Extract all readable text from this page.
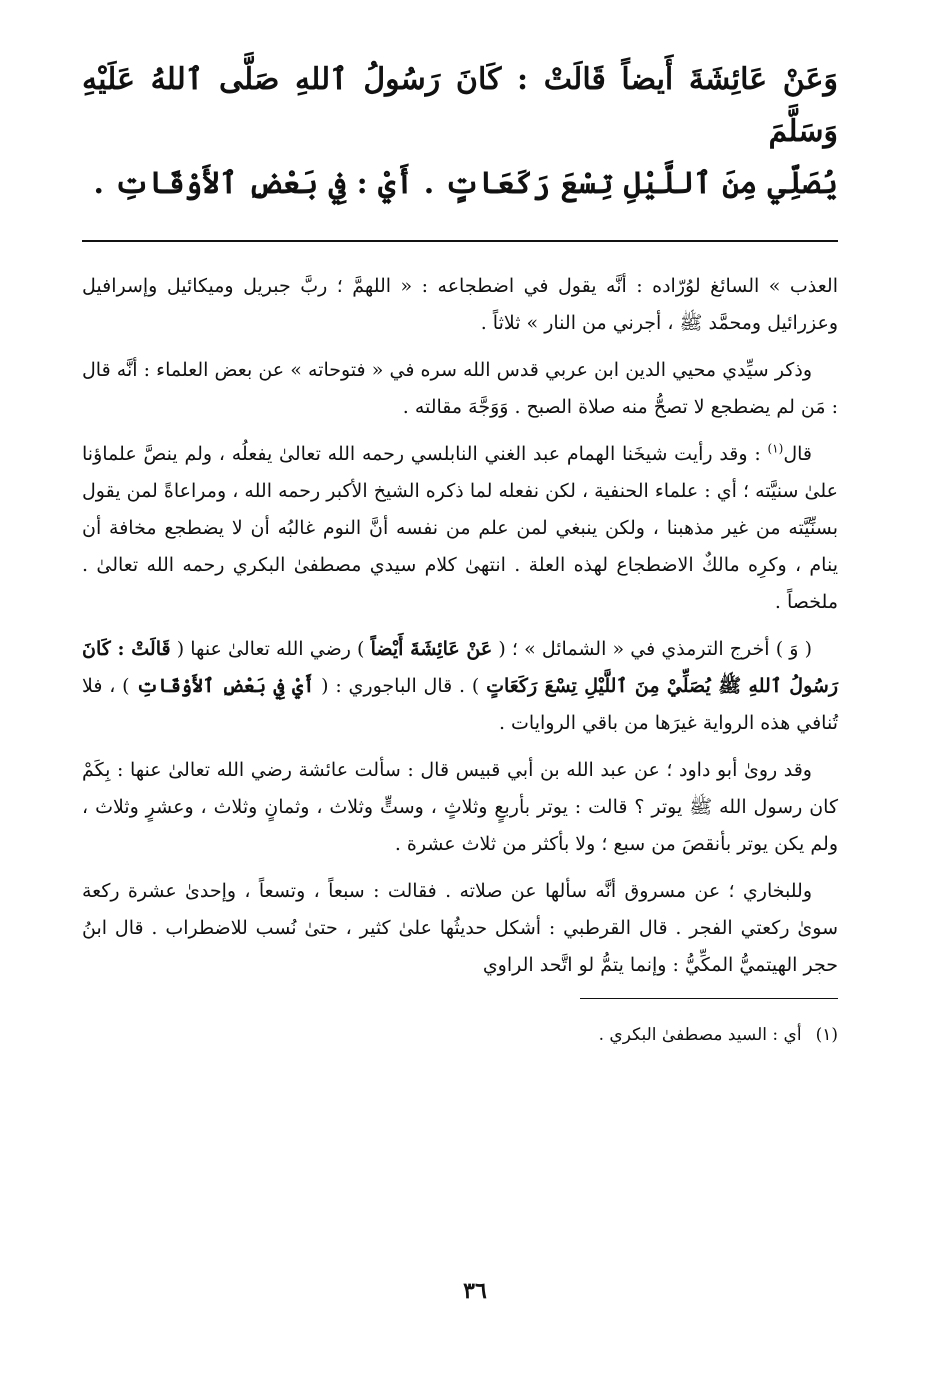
وَعَنْ عَائِشَةَ أَيضاً قَالَتْ : كَانَ رَسُولُ ٱللهِ صَلَّى ٱللهُ عَلَيْهِ وَسَلَّمَ

يُصَلِّي مِنَ ٱللَّيْلِ تِسْعَ رَكَعَاتٍ . أَيْ : فِي بَعْضِ ٱلأَوْقَاتِ .

العذب » السائغ لوُرّاده : أنَّه يقول في اضطجاعه : « اللهمَّ ؛ ربَّ جبريل وميكائيل وإسرافيل وعزرائيل ومحمَّد ﷺ ، أجرني من النار » ثلاثاً .

وذكر سيِّدي محيي الدين ابن عربي قدس الله سره في « فتوحاته » عن بعض العلماء : أنَّه قال : مَن لم يضطجع لا تصحُّ منه صلاة الصبح . وَوَجَّهَ مقالته .

قال$^{(١)}$ : وقد رأيت شيخَنا الهمام عبد الغني النابلسي رحمه الله تعالىٰ يفعلُه ، ولم ينصَّ علماؤنا علىٰ سنيَّته ؛ أي : علماء الحنفية ، لكن نفعله لما ذكره الشيخ الأكبر رحمه الله ، ومراعاةً لمن يقول بسنِّيَّته من غير مذهبنا ، ولكن ينبغي لمن علم من نفسه أنَّ النوم غالبُه أن لا يضطجع مخافة أن ينام ، وكرِه مالكٌ الاضطجاع لهذه العلة . انتهىٰ كلام سيدي مصطفىٰ البكري رحمه الله تعالىٰ . ملخصاً .

( وَ ) أخرج الترمذي في « الشمائل » ؛ ( عَنْ عَائِشَةَ أَيْضاً ) رضي الله تعالىٰ عنها ( قَالَتْ : كَانَ رَسُولُ ٱللهِ ﷺ يُصَلِّيْ مِنَ ٱللَّيْلِ تِسْعَ رَكَعَاتٍ ) . قال الباجوري : ( أَيْ فِي بَعْضِ ٱلأَوْقَاتِ ) ، فلا تُنافي هذه الرواية غيرَها من باقي الروايات .

وقد روىٰ أبو داود ؛ عن عبد الله بن أبي قبيس قال : سألت عائشة رضي الله تعالىٰ عنها : بِكَمْ كان رسول الله ﷺ يوتر ؟ قالت : يوتر بأربعٍ وثلاثٍ ، وستٍّ وثلاث ، وثمانٍ وثلاث ، وعشرٍ وثلاث ، ولم يكن يوتر بأنقصَ من سبع ؛ ولا بأكثر من ثلاث عشرة .

وللبخاري ؛ عن مسروق أنَّه سألها عن صلاته . فقالت : سبعاً ، وتسعاً ، وإحدىٰ عشرة ركعة سوىٰ ركعتي الفجر . قال القرطبي : أشكل حديثُها علىٰ كثير ، حتىٰ نُسب للاضطراب . قال ابنُ حجر الهيتميُّ المكِّيُّ : وإنما يتمُّ لو اتَّحد الراوي

(١)أي : السيد مصطفىٰ البكري .
٣٦
